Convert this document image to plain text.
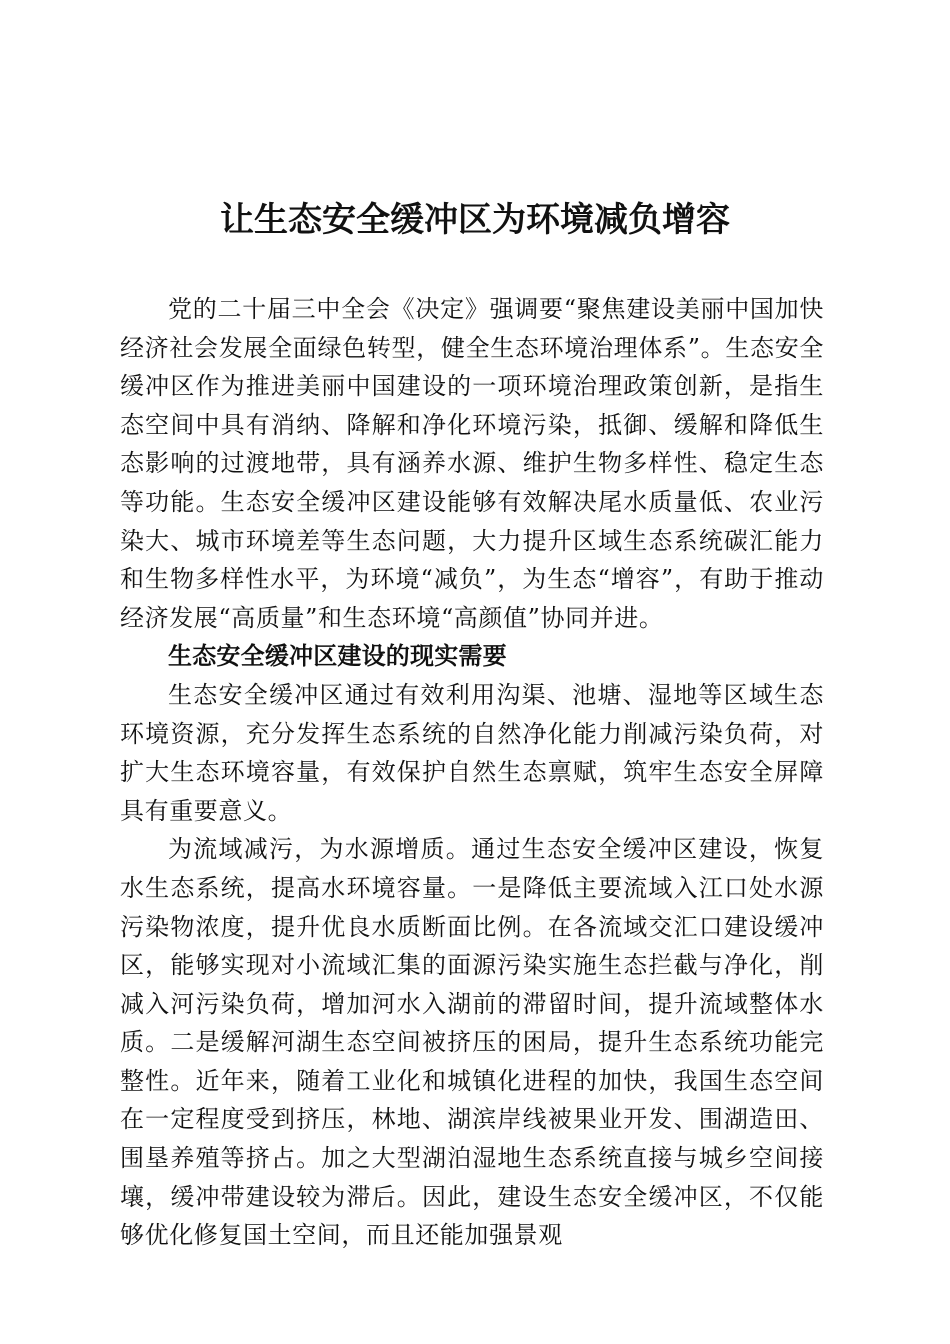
让生态安全缓冲区为环境减负增容

党的二十届三中全会《决定》强调要“聚焦建设美丽中国加快经济社会发展全面绿色转型，健全生态环境治理体系”。生态安全缓冲区作为推进美丽中国建设的一项环境治理政策创新，是指生态空间中具有消纳、降解和净化环境污染，抵御、缓解和降低生态影响的过渡地带，具有涵养水源、维护生物多样性、稳定生态等功能。生态安全缓冲区建设能够有效解决尾水质量低、农业污染大、城市环境差等生态问题，大力提升区域生态系统碳汇能力和生物多样性水平，为环境“减负”，为生态“增容”，有助于推动经济发展“高质量”和生态环境“高颜值”协同并进。

生态安全缓冲区建设的现实需要

生态安全缓冲区通过有效利用沟渠、池塘、湿地等区域生态环境资源，充分发挥生态系统的自然净化能力削减污染负荷，对扩大生态环境容量，有效保护自然生态禀赋，筑牢生态安全屏障具有重要意义。

为流域减污，为水源增质。通过生态安全缓冲区建设，恢复水生态系统，提高水环境容量。一是降低主要流域入江口处水源污染物浓度，提升优良水质断面比例。在各流域交汇口建设缓冲区，能够实现对小流域汇集的面源污染实施生态拦截与净化，削减入河污染负荷，增加河水入湖前的滞留时间，提升流域整体水质。二是缓解河湖生态空间被挤压的困局，提升生态系统功能完整性。近年来，随着工业化和城镇化进程的加快，我国生态空间在一定程度受到挤压，林地、湖滨岸线被果业开发、围湖造田、围垦养殖等挤占。加之大型湖泊湿地生态系统直接与城乡空间接壤，缓冲带建设较为滞后。因此，建设生态安全缓冲区，不仅能够优化修复国土空间，而且还能加强景观
